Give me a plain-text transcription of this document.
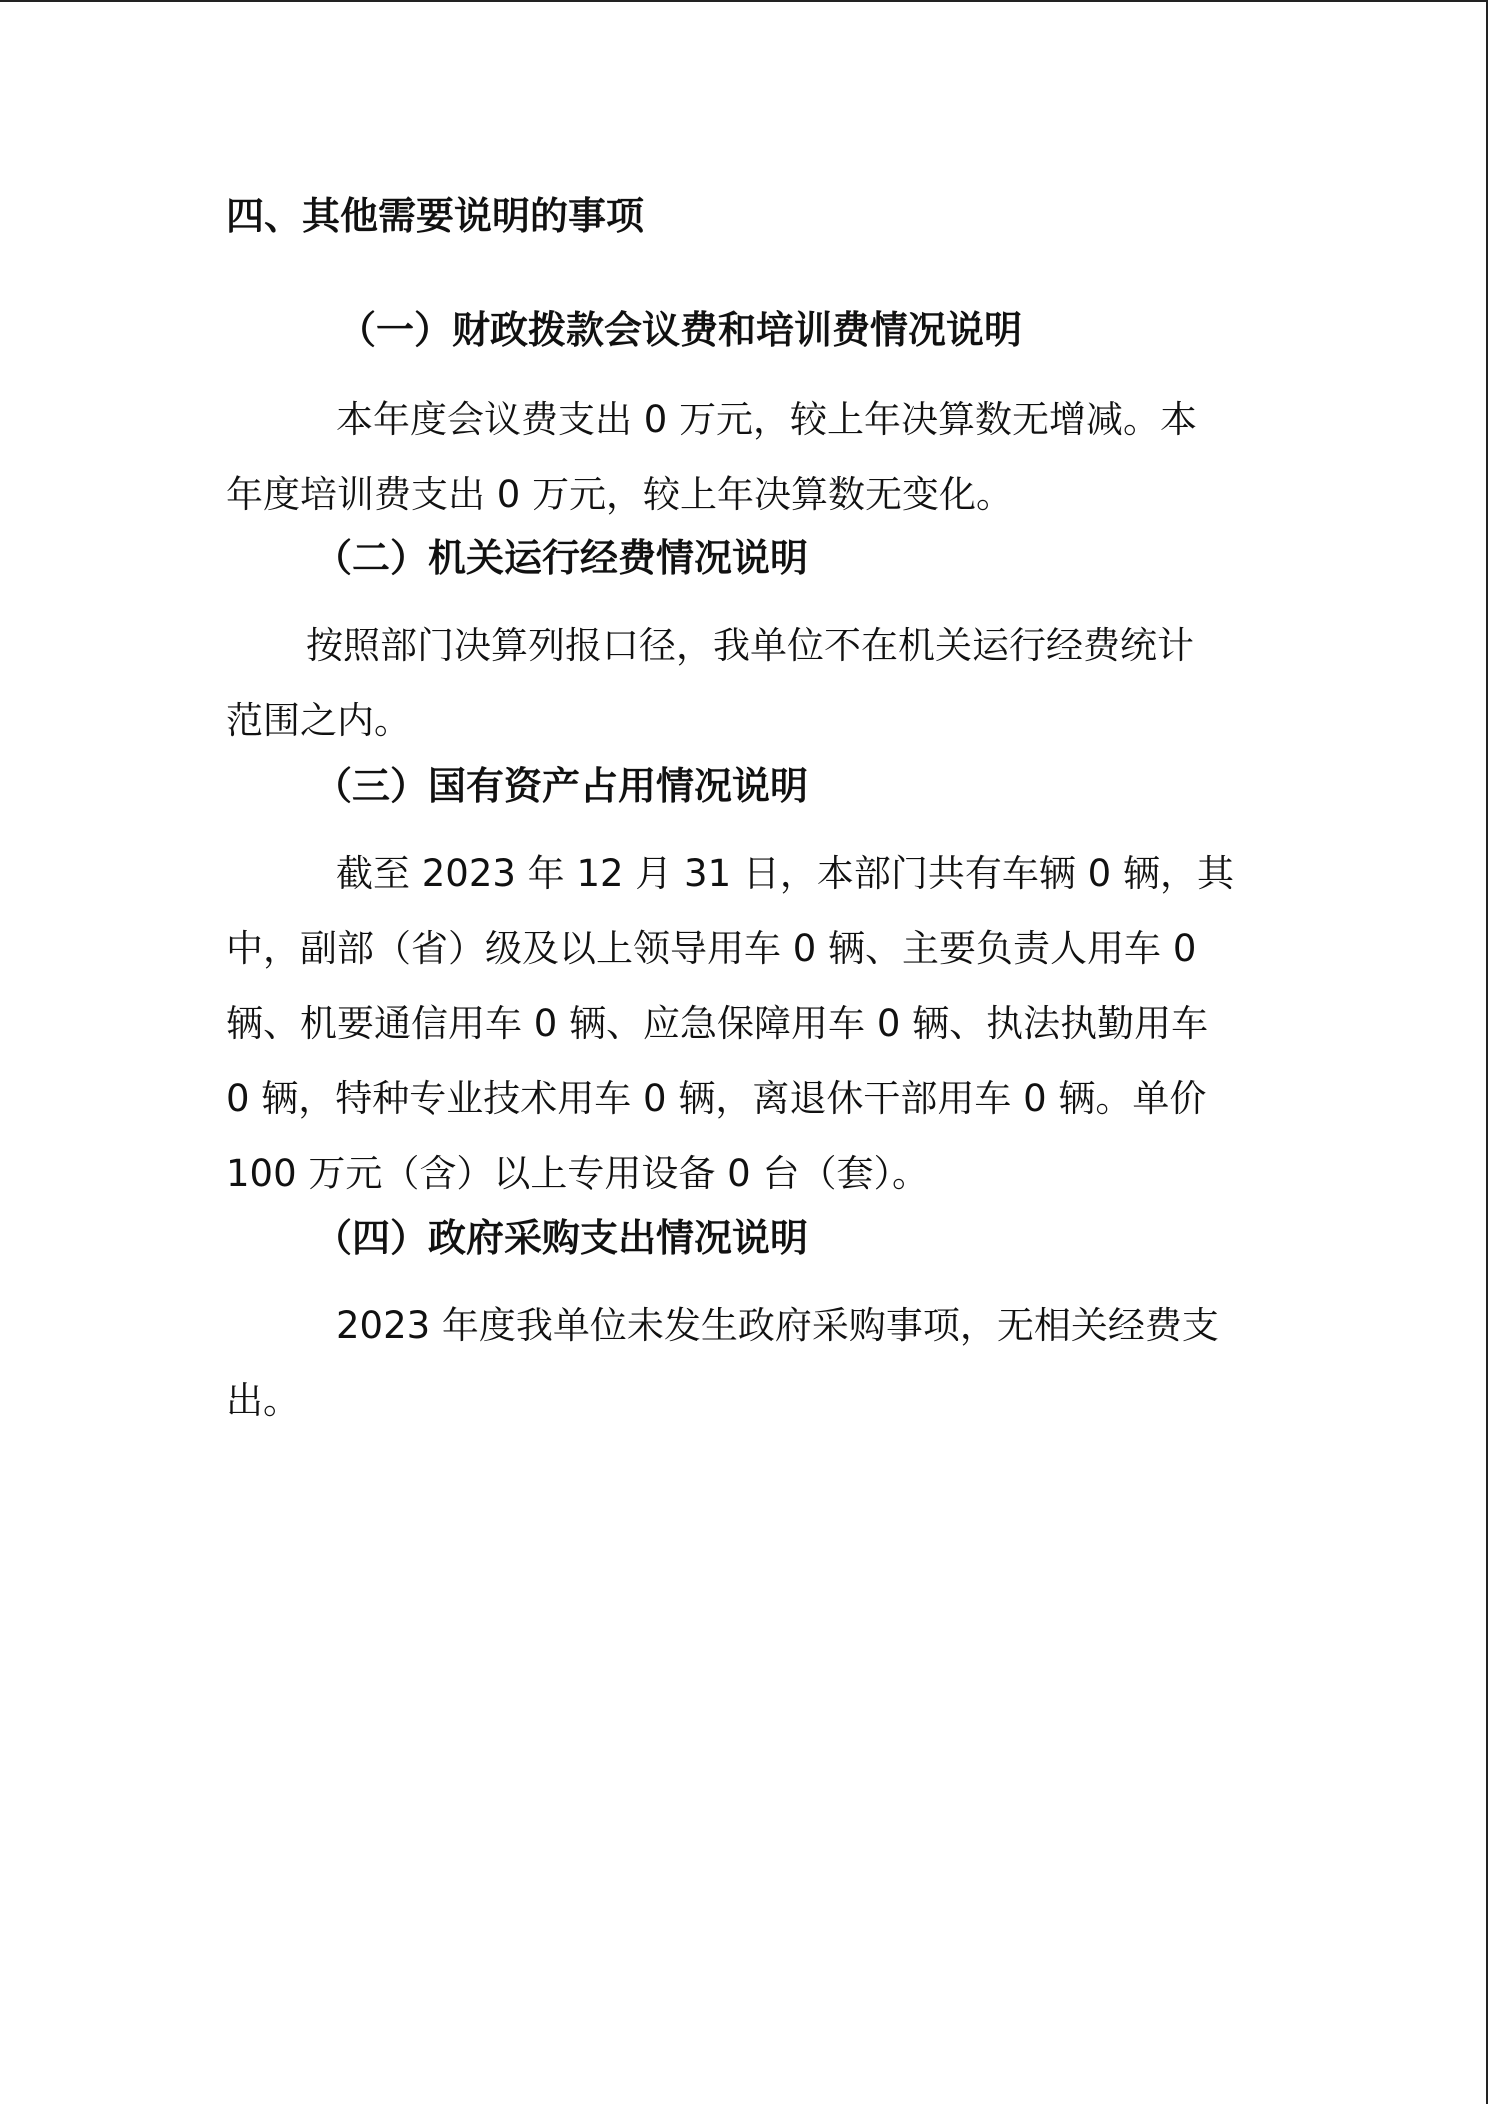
四、其他需要说明的事项
（一）财政拨款会议费和培训费情况说明
本年度会议费支出 0 万元，较上年决算数无增减。本
年度培训费支出 0 万元，较上年决算数无变化。
（二）机关运行经费情况说明
按照部门决算列报口径，我单位不在机关运行经费统计
范围之内。
（三）国有资产占用情况说明
截至 2023 年 12 月 31 日，本部门共有车辆 0 辆，其
中，副部（省）级及以上领导用车 0 辆、主要负责人用车 0
辆、机要通信用车 0 辆、应急保障用车 0 辆、执法执勤用车
0 辆，特种专业技术用车 0 辆，离退休干部用车 0 辆。单价
100 万元（含）以上专用设备 0 台（套）。
（四）政府采购支出情况说明
2023 年度我单位未发生政府采购事项，无相关经费支
出。
